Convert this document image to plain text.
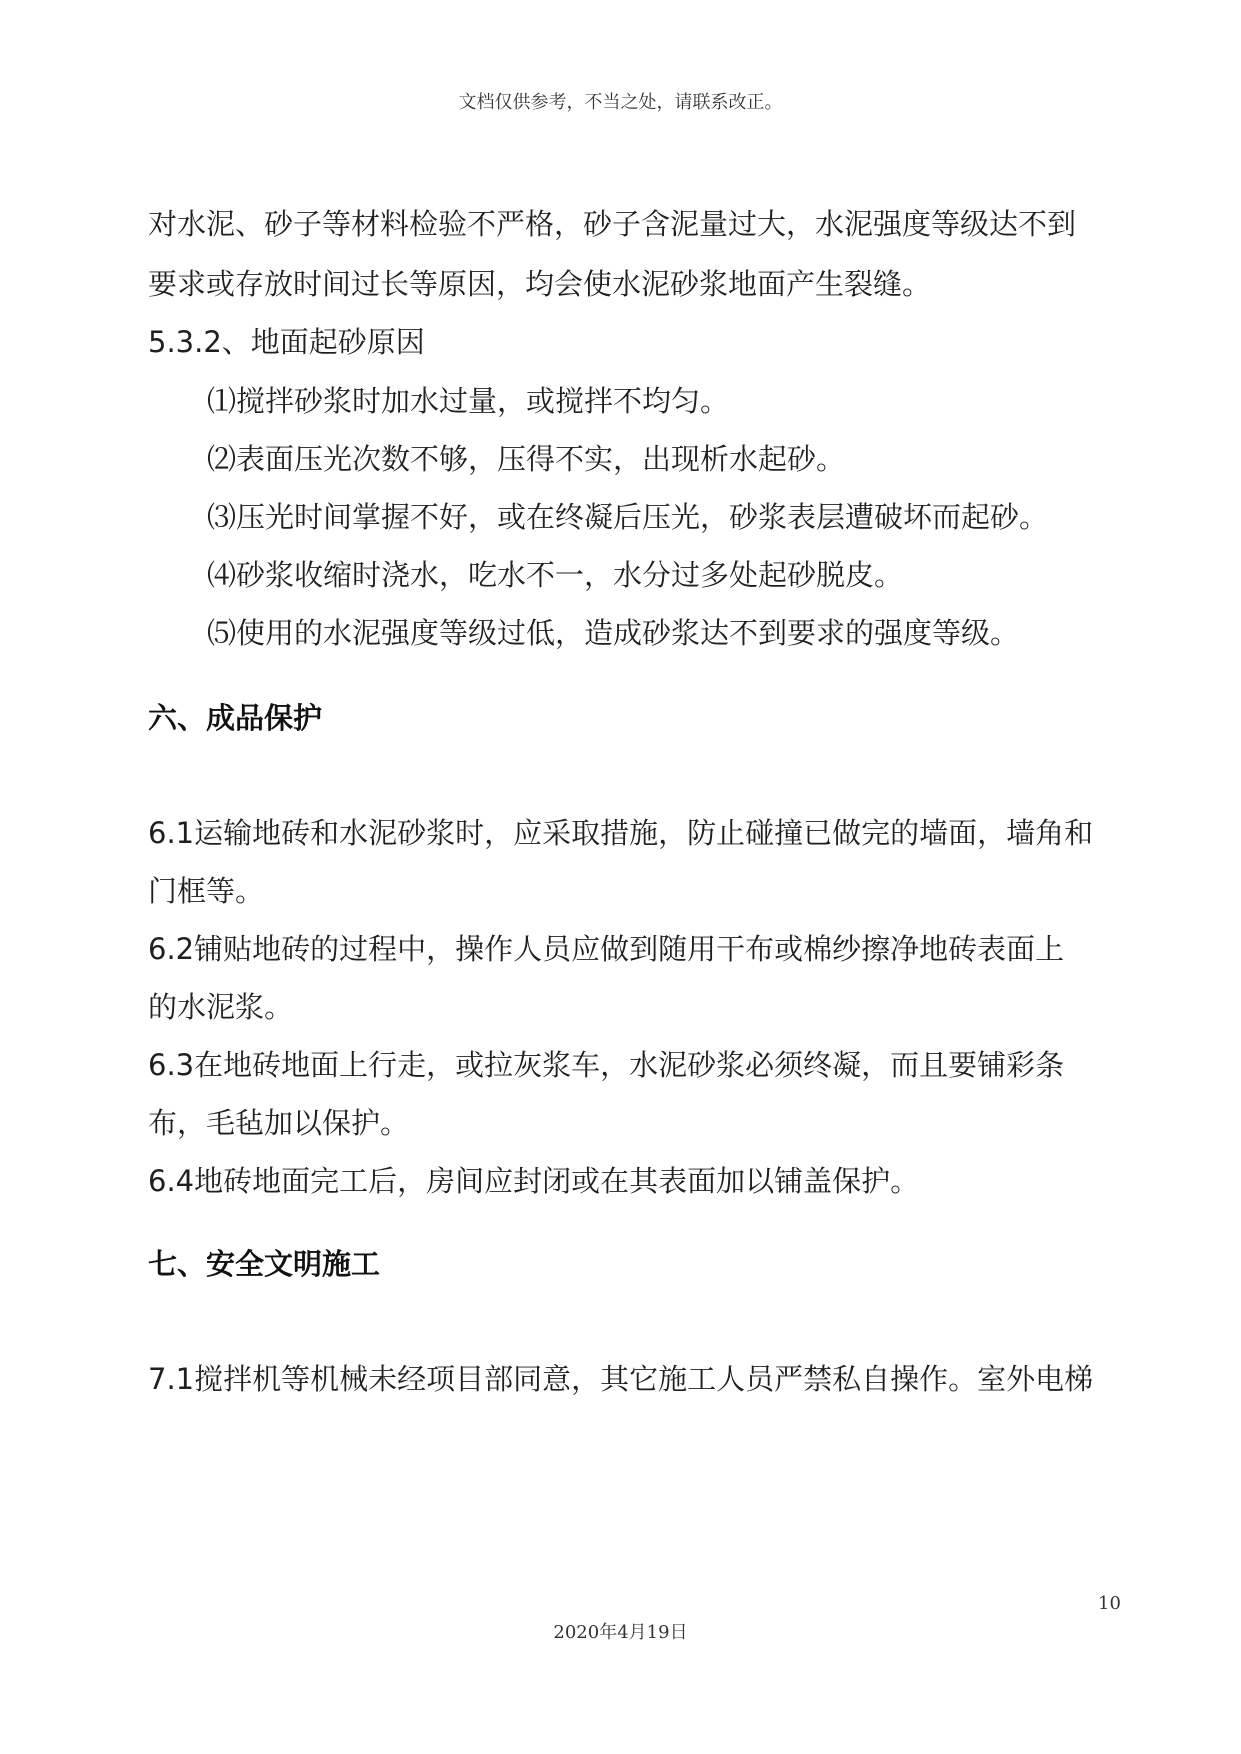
文档仅供参考，不当之处，请联系改正。
对水泥、砂子等材料检验不严格，砂子含泥量过大，水泥强度等级达不到
要求或存放时间过长等原因，均会使水泥砂浆地面产生裂缝。
5.3.2、地面起砂原因
⑴搅拌砂浆时加水过量，或搅拌不均匀。
⑵表面压光次数不够，压得不实，出现析水起砂。
⑶压光时间掌握不好，或在终凝后压光，砂浆表层遭破坏而起砂。
⑷砂浆收缩时浇水，吃水不一，水分过多处起砂脱皮。
⑸使用的水泥强度等级过低，造成砂浆达不到要求的强度等级。
六、成品保护
6.1运输地砖和水泥砂浆时，应采取措施，防止碰撞已做完的墙面，墙角和
门框等。
6.2铺贴地砖的过程中，操作人员应做到随用干布或棉纱擦净地砖表面上
的水泥浆。
6.3在地砖地面上行走，或拉灰浆车，水泥砂浆必须终凝，而且要铺彩条
布，毛毡加以保护。
6.4地砖地面完工后，房间应封闭或在其表面加以铺盖保护。
七、安全文明施工
7.1搅拌机等机械未经项目部同意，其它施工人员严禁私自操作。室外电梯
10
2020年4月19日
